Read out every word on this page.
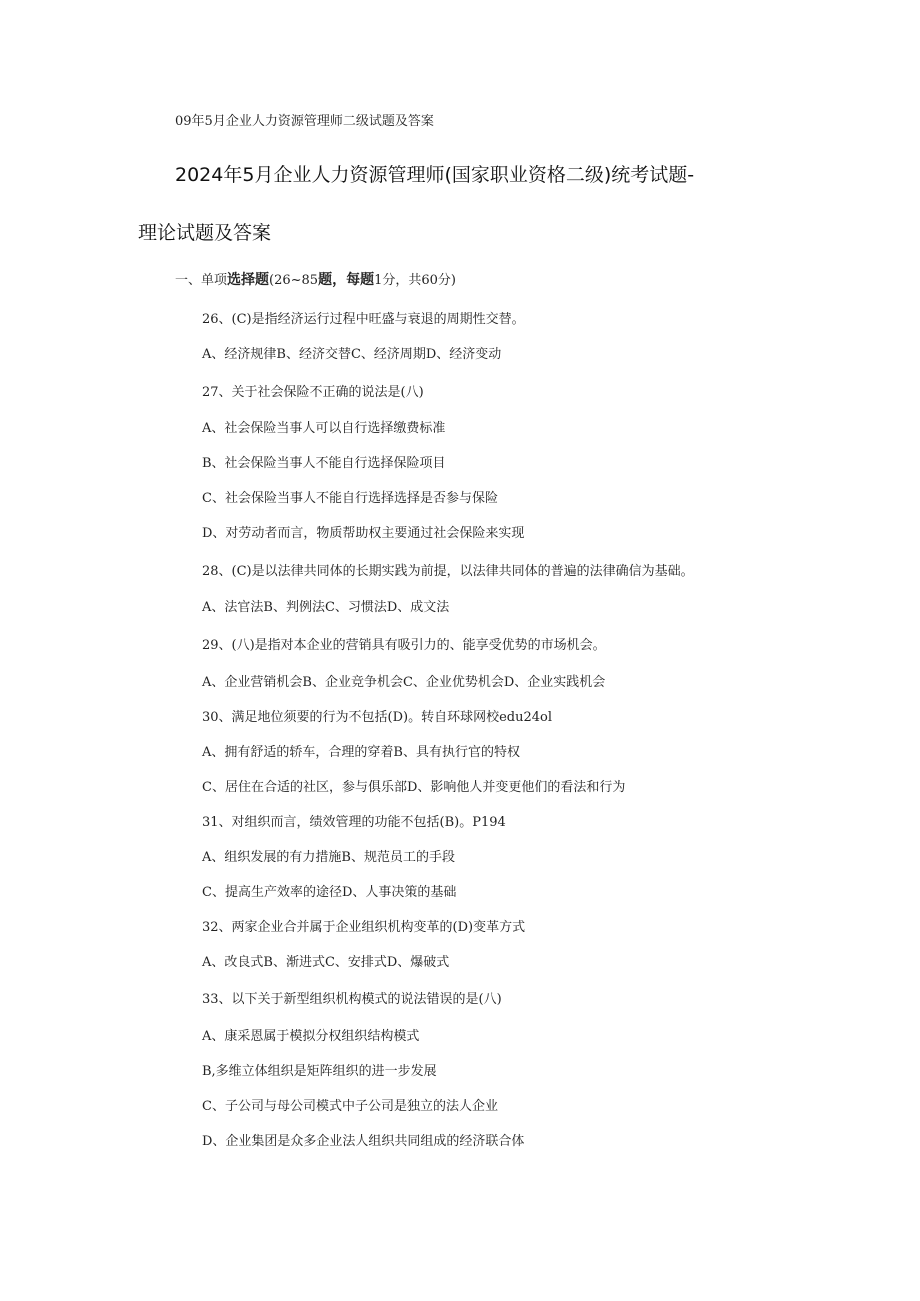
09年5月企业人力资源管理师二级试题及答案
2024年5月企业人力资源管理师(国家职业资格二级)统考试题-
理论试题及答案
一、单项选择题(26~85题，每题1分，共60分)
26、(C)是指经济运行过程中旺盛与衰退的周期性交替。
A、经济规律B、经济交替C、经济周期D、经济变动
27、关于社会保险不正确的说法是(八)
A、社会保险当事人可以自行选择缴费标准
B、社会保险当事人不能自行选择保险项目
C、社会保险当事人不能自行选择选择是否参与保险
D、对劳动者而言，物质帮助权主要通过社会保险来实现
28、(C)是以法律共同体的长期实践为前提，以法律共同体的普遍的法律确信为基础。
A、法官法B、判例法C、习惯法D、成文法
29、(八)是指对本企业的营销具有吸引力的、能享受优势的市场机会。
A、企业营销机会B、企业竞争机会C、企业优势机会D、企业实践机会
30、满足地位须要的行为不包括(D)。转自环球网校edu24ol
A、拥有舒适的轿车，合理的穿着B、具有执行官的特权
C、居住在合适的社区，参与俱乐部D、影响他人并变更他们的看法和行为
31、对组织而言，绩效管理的功能不包括(B)。P194
A、组织发展的有力措施B、规范员工的手段
C、提高生产效率的途径D、人事决策的基础
32、两家企业合并属于企业组织机构变革的(D)变革方式
A、改良式B、渐进式C、安排式D、爆破式
33、以下关于新型组织机构模式的说法错误的是(八)
A、康采恩属于模拟分权组织结构模式
B,多维立体组织是矩阵组织的进一步发展
C、子公司与母公司模式中子公司是独立的法人企业
D、企业集团是众多企业法人组织共同组成的经济联合体
